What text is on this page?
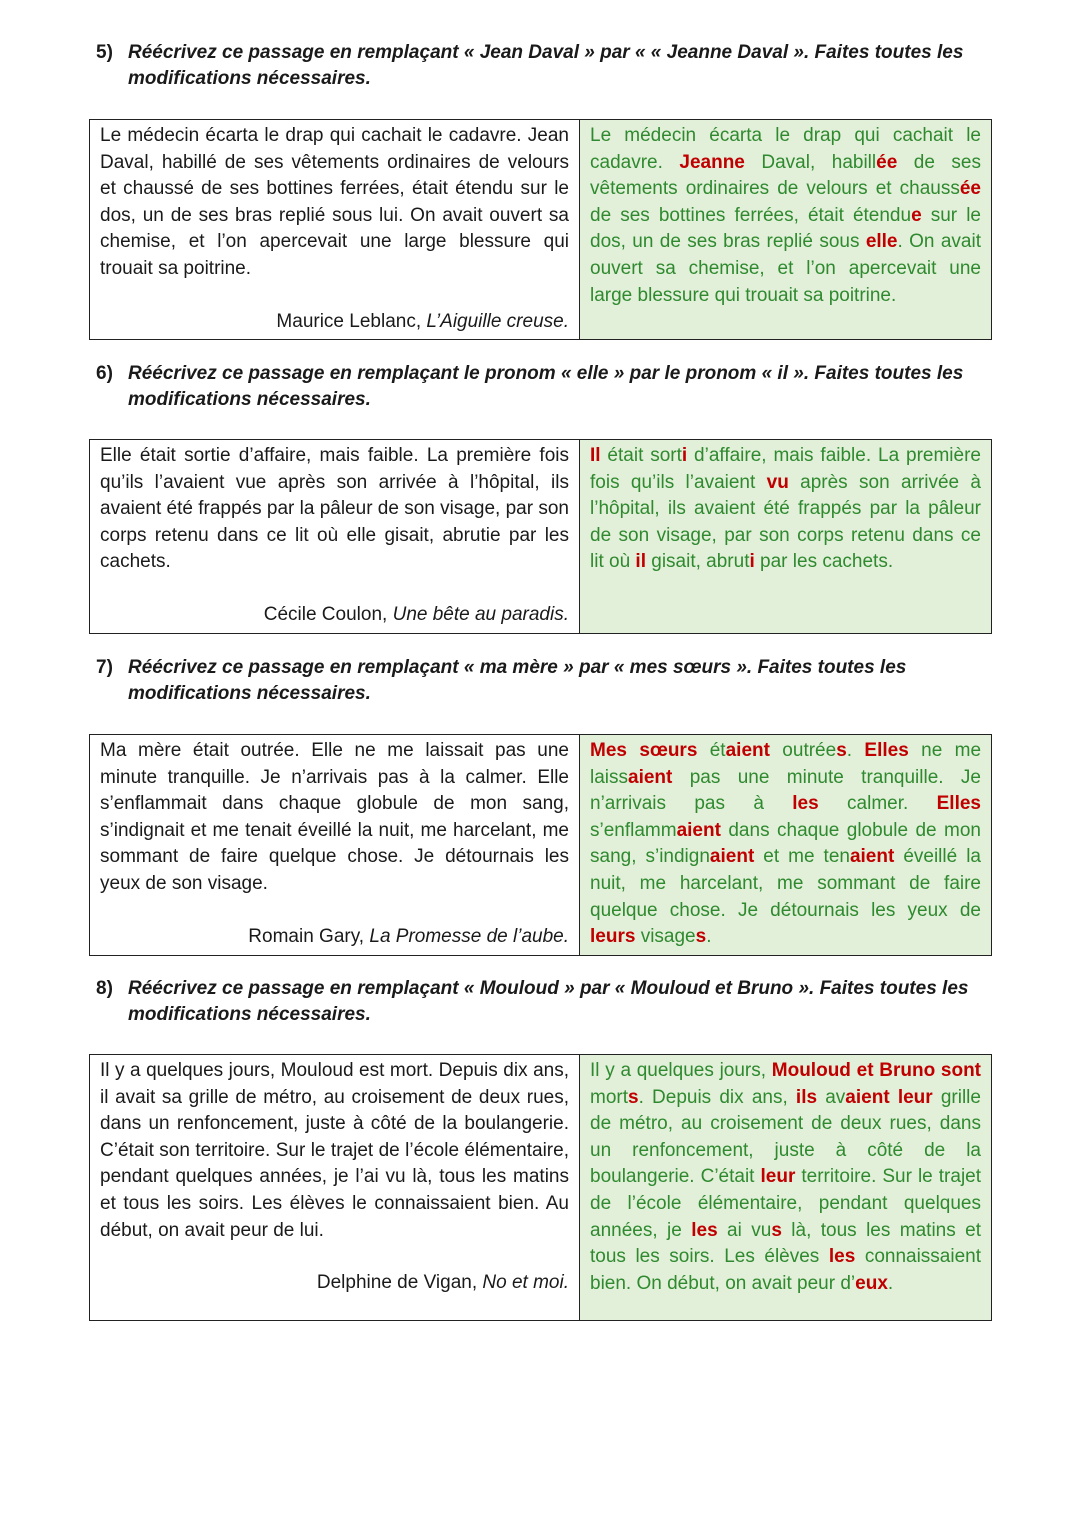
5) Réécrivez ce passage en remplaçant « Jean Daval » par « « Jeanne Daval ». Faites toutes les modifications nécessaires.
Le médecin écarta le drap qui cachait le cadavre. Jean Daval, habillé de ses vêtements ordinaires de velours et chaussé de ses bottines ferrées, était étendu sur le dos, un de ses bras replié sous lui. On avait ouvert sa chemise, et l’on apercevait une large blessure qui trouait sa poitrine.
Maurice Leblanc, L’Aiguille creuse.
	Le médecin écarta le drap qui cachait le cadavre. Jeanne Daval, habillée de ses vêtements ordinaires de velours et chaussée de ses bottines ferrées, était étendue sur le dos, un de ses bras replié sous elle. On avait ouvert sa chemise, et l’on apercevait une large blessure qui trouait sa poitrine.
6) Réécrivez ce passage en remplaçant le pronom « elle » par le pronom « il ». Faites toutes les modifications nécessaires.
Elle était sortie d’affaire, mais faible. La première fois qu’ils l’avaient vue après son arrivée à l’hôpital, ils avaient été frappés par la pâleur de son visage, par son corps retenu dans ce lit où elle gisait, abrutie par les cachets.
Cécile Coulon, Une bête au paradis.
	Il était sorti d’affaire, mais faible. La première fois qu’ils l’avaient vu après son arrivée à l’hôpital, ils avaient été frappés par la pâleur de son visage, par son corps retenu dans ce lit où il gisait, abruti par les cachets.
7) Réécrivez ce passage en remplaçant « ma mère » par « mes sœurs ». Faites toutes les modifications nécessaires.
Ma mère était outrée. Elle ne me laissait pas une minute tranquille. Je n’arrivais pas à la calmer. Elle s’enflammait dans chaque globule de mon sang, s’indignait et me tenait éveillé la nuit, me harcelant, me sommant de faire quelque chose. Je détournais les yeux de son visage.
Romain Gary, La Promesse de l’aube.
	Mes sœurs étaient outrées. Elles ne me laissaient pas une minute tranquille. Je n’arrivais pas à les calmer. Elles s’enflammaient dans chaque globule de mon sang, s’indignaient et me tenaient éveillé la nuit, me harcelant, me sommant de faire quelque chose. Je détournais les yeux de leurs visages.
8) Réécrivez ce passage en remplaçant « Mouloud » par « Mouloud et Bruno ». Faites toutes les modifications nécessaires.
Il y a quelques jours, Mouloud est mort. Depuis dix ans, il avait sa grille de métro, au croisement de deux rues, dans un renfoncement, juste à côté de la boulangerie. C’était son territoire. Sur le trajet de l’école élémentaire, pendant quelques années, je l’ai vu là, tous les matins et tous les soirs. Les élèves le connaissaient bien. Au début, on avait peur de lui.
Delphine de Vigan, No et moi.
	Il y a quelques jours, Mouloud et Bruno sont morts. Depuis dix ans, ils avaient leur grille de métro, au croisement de deux rues, dans un renfoncement, juste à côté de la boulangerie. C’était leur territoire. Sur le trajet de l’école élémentaire, pendant quelques années, je les ai vus là, tous les matins et tous les soirs. Les élèves les connaissaient bien. On début, on avait peur d’eux.
